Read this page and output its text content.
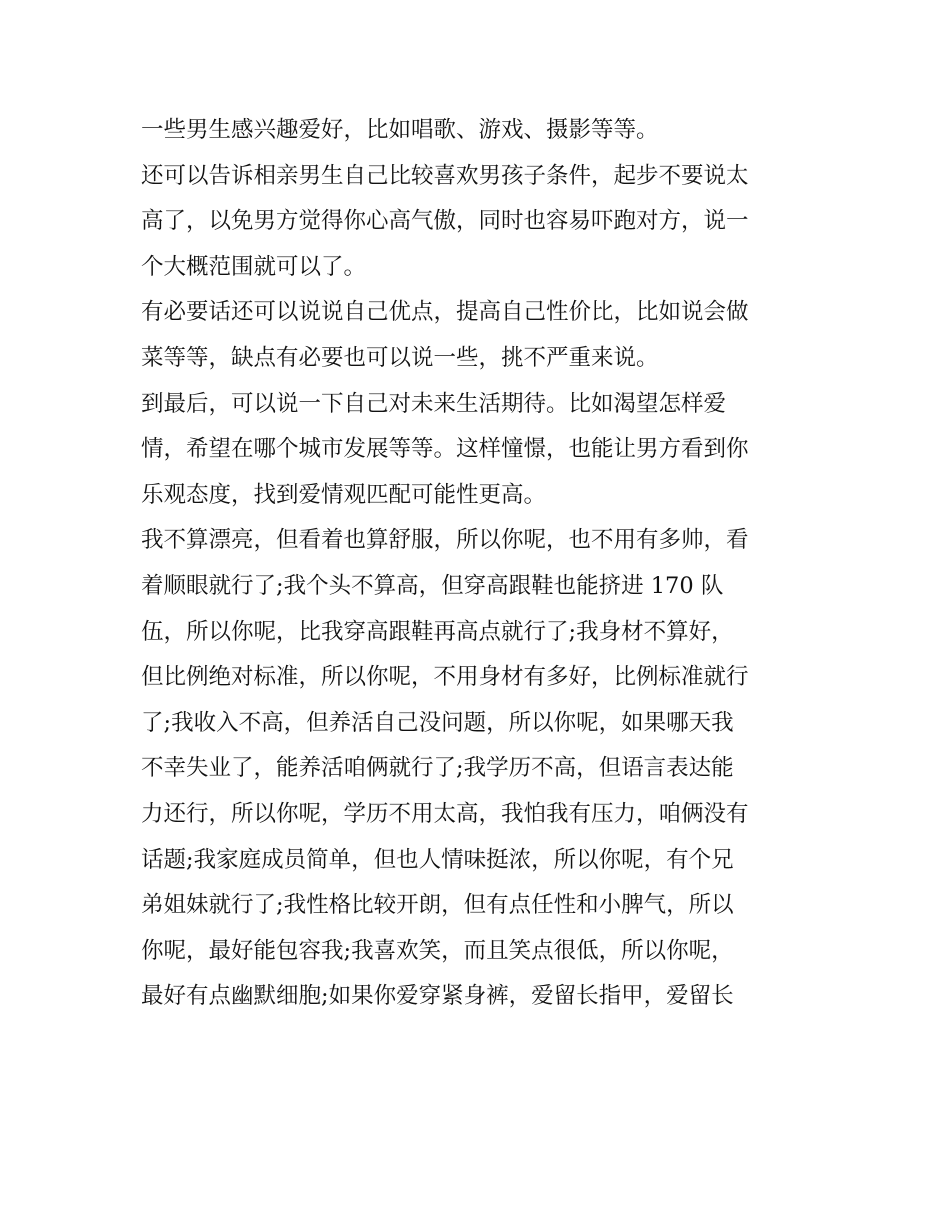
一些男生感兴趣爱好，比如唱歌、游戏、摄影等等。
还可以告诉相亲男生自己比较喜欢男孩子条件，起步不要说太
高了，以免男方觉得你心高气傲，同时也容易吓跑对方，说一
个大概范围就可以了。
有必要话还可以说说自己优点，提高自己性价比，比如说会做
菜等等，缺点有必要也可以说一些，挑不严重来说。
到最后，可以说一下自己对未来生活期待。比如渴望怎样爱
情，希望在哪个城市发展等等。这样憧憬，也能让男方看到你
乐观态度，找到爱情观匹配可能性更高。
我不算漂亮，但看着也算舒服，所以你呢，也不用有多帅，看
着顺眼就行了;我个头不算高，但穿高跟鞋也能挤进 170 队
伍，所以你呢，比我穿高跟鞋再高点就行了;我身材不算好，
但比例绝对标准，所以你呢，不用身材有多好，比例标准就行
了;我收入不高，但养活自己没问题，所以你呢，如果哪天我
不幸失业了，能养活咱俩就行了;我学历不高，但语言表达能
力还行，所以你呢，学历不用太高，我怕我有压力，咱俩没有
话题;我家庭成员简单，但也人情味挺浓，所以你呢，有个兄
弟姐妹就行了;我性格比较开朗，但有点任性和小脾气，所以
你呢，最好能包容我;我喜欢笑，而且笑点很低，所以你呢，
最好有点幽默细胞;如果你爱穿紧身裤，爱留长指甲，爱留长
